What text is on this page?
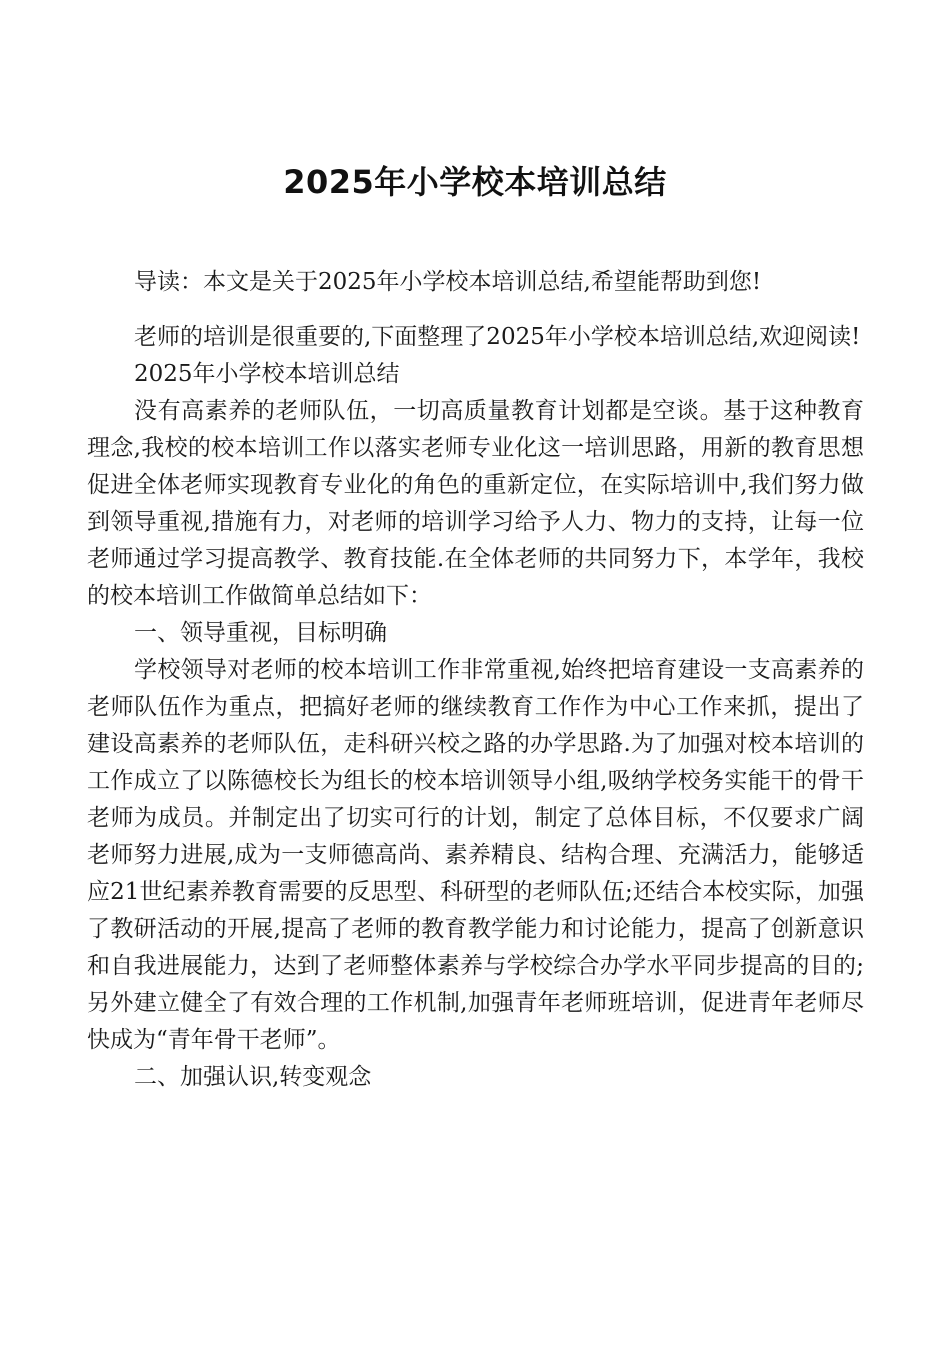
2025年小学校本培训总结

导读：本文是关于2025年小学校本培训总结,希望能帮助到您!

老师的培训是很重要的,下面整理了2025年小学校本培训总结,欢迎阅读!

2025年小学校本培训总结

没有高素养的老师队伍，一切高质量教育计划都是空谈。基于这种教育理念,我校的校本培训工作以落实老师专业化这一培训思路，用新的教育思想促进全体老师实现教育专业化的角色的重新定位，在实际培训中,我们努力做到领导重视,措施有力，对老师的培训学习给予人力、物力的支持，让每一位老师通过学习提高教学、教育技能.在全体老师的共同努力下，本学年，我校的校本培训工作做简单总结如下：

一、领导重视，目标明确

学校领导对老师的校本培训工作非常重视,始终把培育建设一支高素养的老师队伍作为重点，把搞好老师的继续教育工作作为中心工作来抓，提出了建设高素养的老师队伍，走科研兴校之路的办学思路.为了加强对校本培训的工作成立了以陈德校长为组长的校本培训领导小组,吸纳学校务实能干的骨干老师为成员。并制定出了切实可行的计划，制定了总体目标，不仅要求广阔老师努力进展,成为一支师德高尚、素养精良、结构合理、充满活力，能够适应21世纪素养教育需要的反思型、科研型的老师队伍;还结合本校实际，加强了教研活动的开展,提高了老师的教育教学能力和讨论能力，提高了创新意识和自我进展能力，达到了老师整体素养与学校综合办学水平同步提高的目的;另外建立健全了有效合理的工作机制,加强青年老师班培训，促进青年老师尽快成为“青年骨干老师”。

二、加强认识,转变观念
